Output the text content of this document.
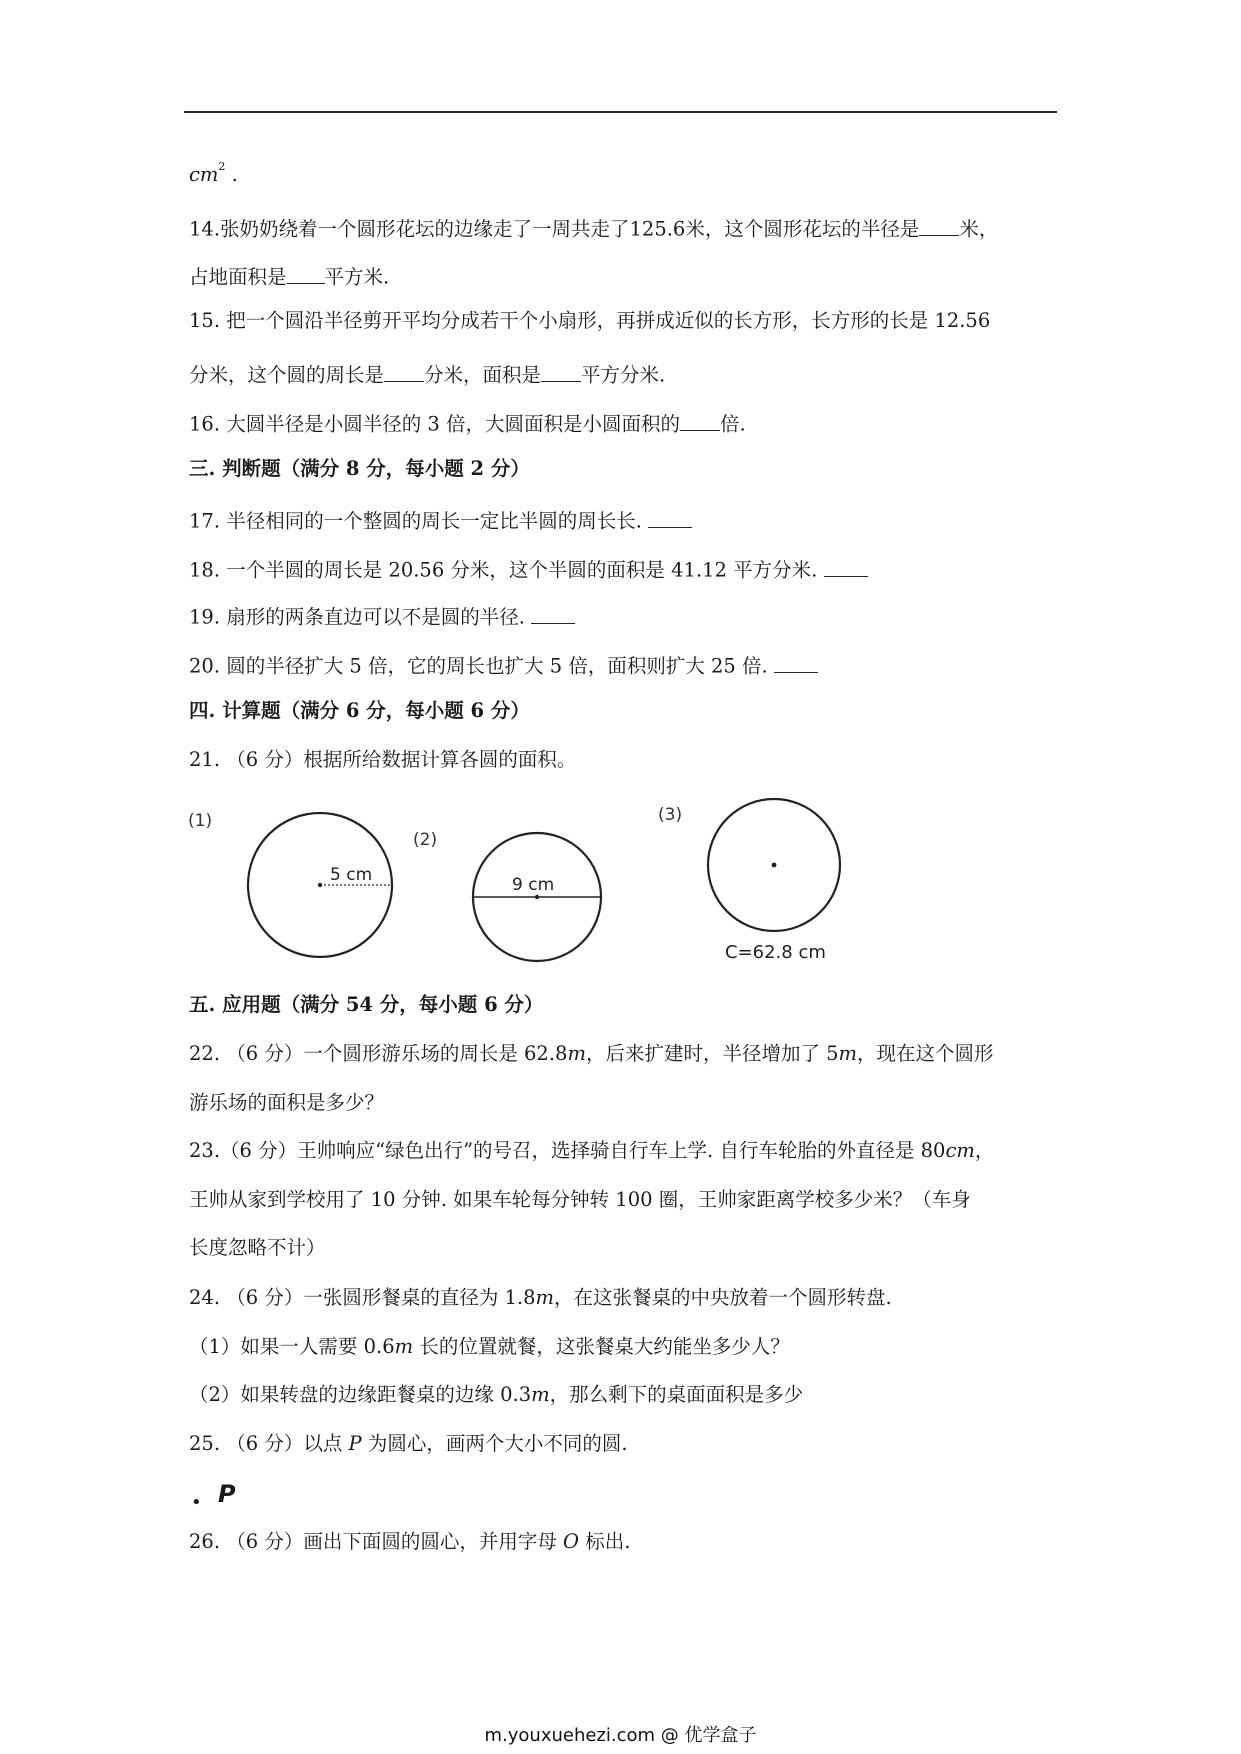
$cm^2$ .
14.张奶奶绕着一个圆形花坛的边缘走了一周共走了125.6米，这个圆形花坛的半径是 米，
占地面积是 平方米.
15. 把一个圆沿半径剪开平均分成若干个小扇形，再拼成近似的长方形，长方形的长是 12.56
分米，这个圆的周长是 分米，面积是 平方分米.
16. 大圆半径是小圆半径的 3 倍，大圆面积是小圆面积的 倍.
三. 判断题（满分 8 分，每小题 2 分）
17. 半径相同的一个整圆的周长一定比半圆的周长长.
18. 一个半圆的周长是 20.56 分米，这个半圆的面积是 41.12 平方分米.
19. 扇形的两条直边可以不是圆的半径.
20. 圆的半径扩大 5 倍，它的周长也扩大 5 倍，面积则扩大 25 倍.
四. 计算题（满分 6 分，每小题 6 分）
21. （6 分）根据所给数据计算各圆的面积。
(1)
5 cm
(2)
9 cm
(3)
C=62.8 cm
五. 应用题（满分 54 分，每小题 6 分）
22. （6 分）一个圆形游乐场的周长是 62.8m，后来扩建时，半径增加了 5m，现在这个圆形
游乐场的面积是多少？
23.（6 分）王帅响应“绿色出行”的号召，选择骑自行车上学. 自行车轮胎的外直径是 80cm，
王帅从家到学校用了 10 分钟. 如果车轮每分钟转 100 圈，王帅家距离学校多少米？（车身
长度忽略不计）
24. （6 分）一张圆形餐桌的直径为 1.8m，在这张餐桌的中央放着一个圆形转盘.
（1）如果一人需要 0.6m 长的位置就餐，这张餐桌大约能坐多少人？
（2）如果转盘的边缘距餐桌的边缘 0.3m，那么剩下的桌面面积是多少
25. （6 分）以点 P 为圆心，画两个大小不同的圆.
• P
26. （6 分）画出下面圆的圆心，并用字母 O 标出.
m.youxuehezi.com @ 优学盒子
